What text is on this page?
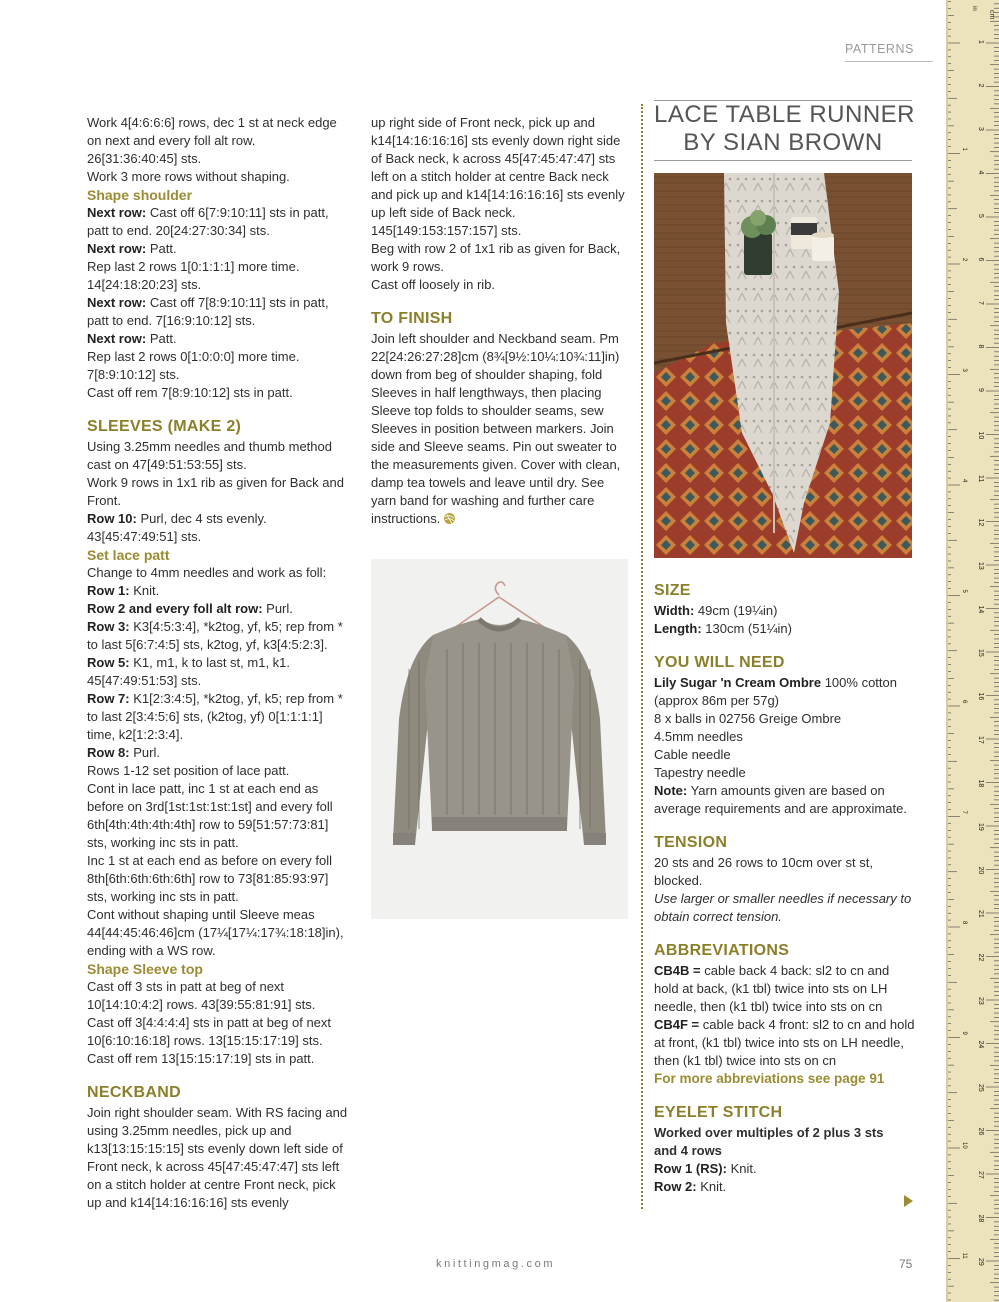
PATTERNS

Work 4[4:6:6:6] rows, dec 1 st at neck edge on next and every foll alt row. 26[31:36:40:45] sts.

Work 3 more rows without shaping.

Shape shoulder

Next row: Cast off 6[7:9:10:11] sts in patt, patt to end. 20[24:27:30:34] sts.

Next row: Patt.

Rep last 2 rows 1[0:1:1:1] more time. 14[24:18:20:23] sts.

Next row: Cast off 7[8:9:10:11] sts in patt, patt to end. 7[16:9:10:12] sts.

Next row: Patt.

Rep last 2 rows 0[1:0:0:0] more time. 7[8:9:10:12] sts.

Cast off rem 7[8:9:10:12] sts in patt.

SLEEVES (MAKE 2)

Using 3.25mm needles and thumb method cast on 47[49:51:53:55] sts.

Work 9 rows in 1x1 rib as given for Back and Front.

Row 10: Purl, dec 4 sts evenly. 43[45:47:49:51] sts.

Set lace patt

Change to 4mm needles and work as foll:

Row 1: Knit.

Row 2 and every foll alt row: Purl.

Row 3: K3[4:5:3:4], *k2tog, yf, k5; rep from * to last 5[6:7:4:5] sts, k2tog, yf, k3[4:5:2:3].

Row 5: K1, m1, k to last st, m1, k1. 45[47:49:51:53] sts.

Row 7: K1[2:3:4:5], *k2tog, yf, k5; rep from * to last 2[3:4:5:6] sts, (k2tog, yf) 0[1:1:1:1] time, k2[1:2:3:4].

Row 8: Purl.

Rows 1-12 set position of lace patt.

Cont in lace patt, inc 1 st at each end as before on 3rd[1st:1st:1st:1st] and every foll 6th[4th:4th:4th:4th] row to 59[51:57:73:81] sts, working inc sts in patt.

Inc 1 st at each end as before on every foll 8th[6th:6th:6th:6th] row to 73[81:85:93:97] sts, working inc sts in patt.

Cont without shaping until Sleeve meas 44[44:45:46:46]cm (17¼[17¼:17¾:18:18]in), ending with a WS row.

Shape Sleeve top

Cast off 3 sts in patt at beg of next 10[14:10:4:2] rows. 43[39:55:81:91] sts.

Cast off 3[4:4:4:4] sts in patt at beg of next 10[6:10:16:18] rows. 13[15:15:17:19] sts.

Cast off rem 13[15:15:17:19] sts in patt.

NECKBAND

Join right shoulder seam. With RS facing and using 3.25mm needles, pick up and k13[13:15:15:15] sts evenly down left side of Front neck, k across 45[47:45:47:47] sts left on a stitch holder at centre Front neck, pick up and k14[14:16:16:16] sts evenly

up right side of Front neck, pick up and k14[14:16:16:16] sts evenly down right side of Back neck, k across 45[47:45:47:47] sts left on a stitch holder at centre Back neck and pick up and k14[14:16:16:16] sts evenly up left side of Back neck. 145[149:153:157:157] sts.

Beg with row 2 of 1x1 rib as given for Back, work 9 rows.

Cast off loosely in rib.

TO FINISH

Join left shoulder and Neckband seam. Pm 22[24:26:27:28]cm (8¾[9½:10¼:10¾:11]in) down from beg of shoulder shaping, fold Sleeves in half lengthways, then placing Sleeve top folds to shoulder seams, sew Sleeves in position between markers. Join side and Sleeve seams. Pin out sweater to the measurements given. Cover with clean, damp tea towels and leave until dry. See yarn band for washing and further care instructions.

LACE TABLE RUNNER
BY SIAN BROWN

SIZE

Width: 49cm (19¼in)

Length: 130cm (51¼in)

YOU WILL NEED

Lily Sugar 'n Cream Ombre 100% cotton (approx 86m per 57g)

8 x balls in 02756 Greige Ombre

4.5mm needles

Cable needle

Tapestry needle

Note: Yarn amounts given are based on average requirements and are approximate.

TENSION

20 sts and 26 rows to 10cm over st st, blocked.

Use larger or smaller needles if necessary to obtain correct tension.

ABBREVIATIONS

CB4B = cable back 4 back: sl2 to cn and hold at back, (k1 tbl) twice into sts on LH needle, then (k1 tbl) twice into sts on cn

CB4F = cable back 4 front: sl2 to cn and hold at front, (k1 tbl) twice into sts on LH needle, then (k1 tbl) twice into sts on cn

For more abbreviations see page 91

EYELET STITCH

Worked over multiples of 2 plus 3 sts

and 4 rows

Row 1 (RS): Knit.

Row 2: Knit.

knittingmag.com	75
cm
in
1
2
3
4
5
6
7
8
9
10
11
12
13
14
15
16
17
18
19
20
21
22
23
24
25
26
27
28
29
1
2
3
4
5
6
7
8
9
10
11
